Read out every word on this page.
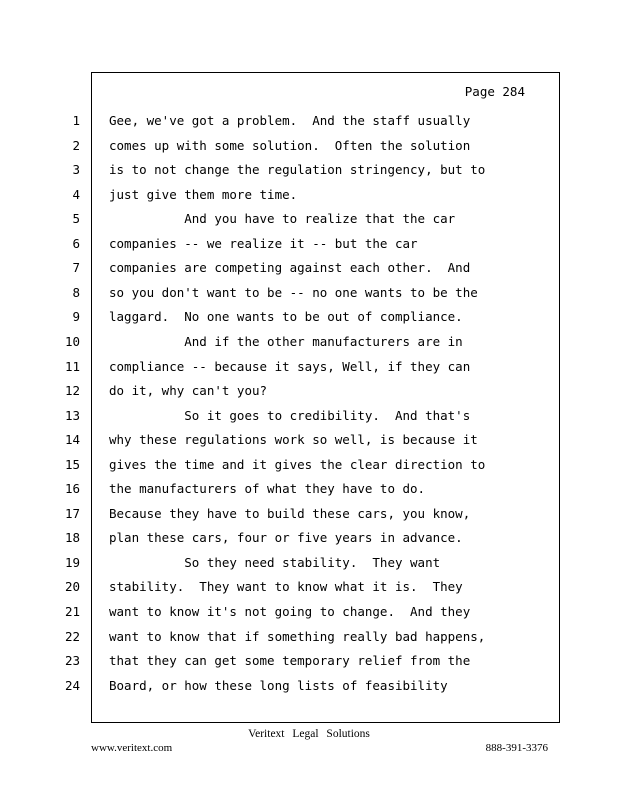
Page 284
1
2
3
4
5
6
7
8
9
10
11
12
13
14
15
16
17
18
19
20
21
22
23
24
Gee, we've got a problem.  And the staff usually
comes up with some solution.  Often the solution
is to not change the regulation stringency, but to
just give them more time.
And you have to realize that the car
companies -- we realize it -- but the car
companies are competing against each other.  And
so you don't want to be -- no one wants to be the
laggard.  No one wants to be out of compliance.
And if the other manufacturers are in
compliance -- because it says, Well, if they can
do it, why can't you?
So it goes to credibility.  And that's
why these regulations work so well, is because it
gives the time and it gives the clear direction to
the manufacturers of what they have to do.
Because they have to build these cars, you know,
plan these cars, four or five years in advance.
So they need stability.  They want
stability.  They want to know what it is.  They
want to know it's not going to change.  And they
want to know that if something really bad happens,
that they can get some temporary relief from the
Board, or how these long lists of feasibility
Veritext Legal Solutions
www.veritext.com	888-391-3376
